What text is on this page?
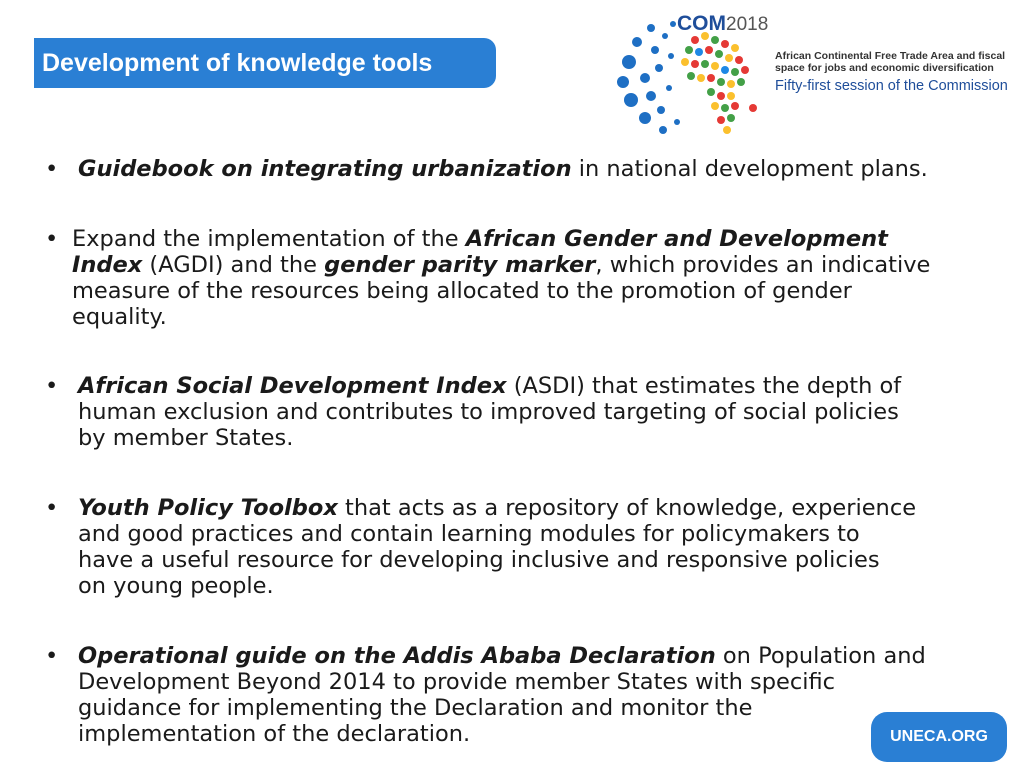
Development of knowledge tools
COM2018
African Continental Free Trade Area and fiscal
space for jobs and economic diversification
Fifty-first session of the Commission
• Guidebook on integrating urbanization in national development plans.
• Expand the implementation of the African Gender and Development
Index (AGDI) and the gender parity marker, which provides an indicative
measure of the resources being allocated to the promotion of gender
equality.
• African Social Development Index (ASDI) that estimates the depth of
human exclusion and contributes to improved targeting of social policies
by member States.
• Youth Policy Toolbox that acts as a repository of knowledge, experience
and good practices and contain learning modules for policymakers to
have a useful resource for developing inclusive and responsive policies
on young people.
• Operational guide on the Addis Ababa Declaration on Population and
Development Beyond 2014 to provide member States with specific
guidance for implementing the Declaration and monitor the
implementation of the declaration.	UNECA.ORG
